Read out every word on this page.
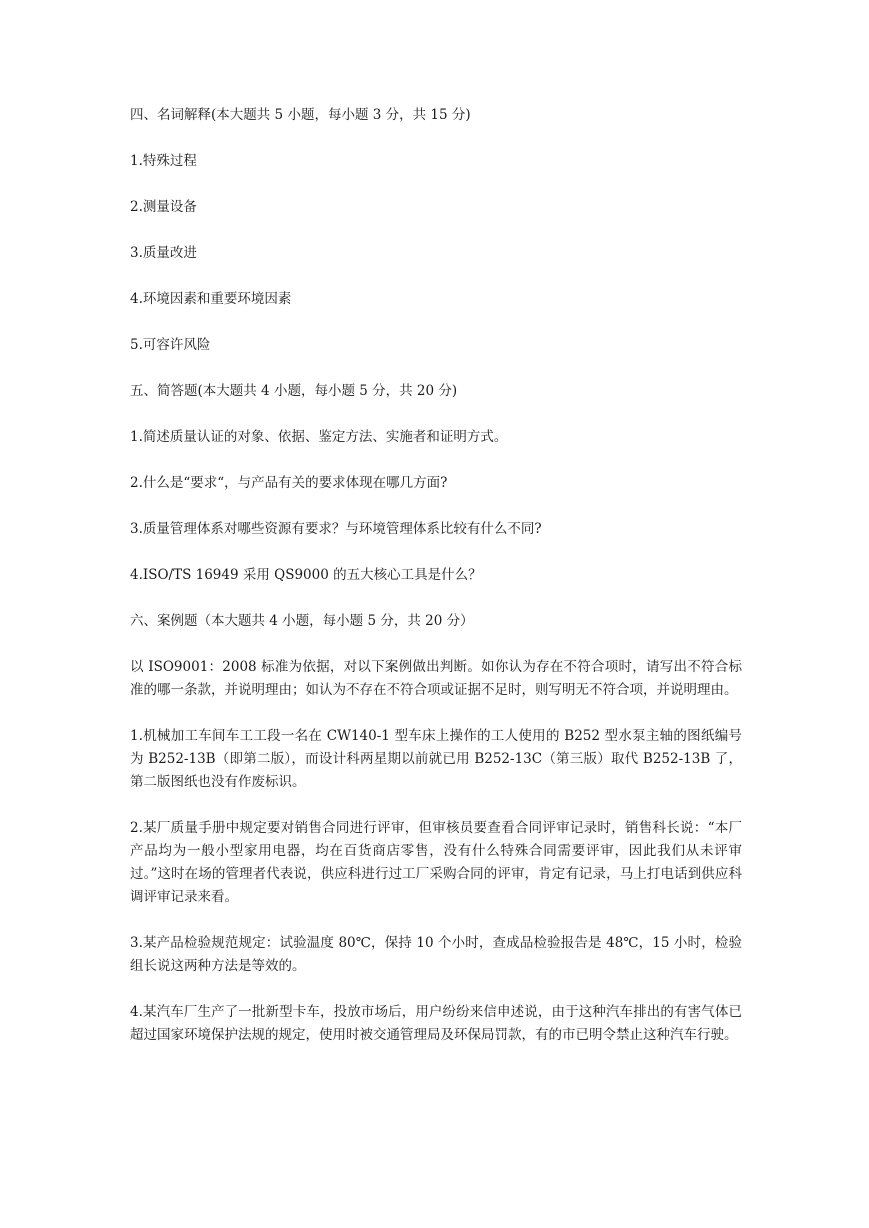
四、名词解释(本大题共 5 小题，每小题 3 分，共 15 分)

1.特殊过程

2.测量设备

3.质量改进

4.环境因素和重要环境因素

5.可容许风险

五、简答题(本大题共 4 小题，每小题 5 分，共 20 分)

1.简述质量认证的对象、依据、鉴定方法、实施者和证明方式。

2.什么是“要求“，与产品有关的要求体现在哪几方面?

3.质量管理体系对哪些资源有要求？与环境管理体系比较有什么不同?

4.ISO/TS 16949 采用 QS9000 的五大核心工具是什么？

六、案例题（本大题共 4 小题，每小题 5 分，共 20 分）

以 ISO9001：2008 标准为依据，对以下案例做出判断。如你认为存在不符合项时，请写出不符合标准的哪一条款，并说明理由；如认为不存在不符合项或证据不足时，则写明无不符合项，并说明理由。

1.机械加工车间车工工段一名在 CW140-1 型车床上操作的工人使用的 B252 型水泵主轴的图纸编号为 B252-13B（即第二版），而设计科两星期以前就已用 B252-13C（第三版）取代 B252-13B 了，第二版图纸也没有作废标识。

2.某厂质量手册中规定要对销售合同进行评审，但审核员要查看合同评审记录时，销售科长说：“本厂产品均为一般小型家用电器，均在百货商店零售，没有什么特殊合同需要评审，因此我们从未评审过。”这时在场的管理者代表说，供应科进行过工厂采购合同的评审，肯定有记录，马上打电话到供应科调评审记录来看。

3.某产品检验规范规定：试验温度 80℃，保持 10 个小时，查成品检验报告是 48℃，15 小时，检验组长说这两种方法是等效的。

4.某汽车厂生产了一批新型卡车，投放市场后，用户纷纷来信申述说，由于这种汽车排出的有害气体已超过国家环境保护法规的规定，使用时被交通管理局及环保局罚款，有的市已明令禁止这种汽车行驶。
